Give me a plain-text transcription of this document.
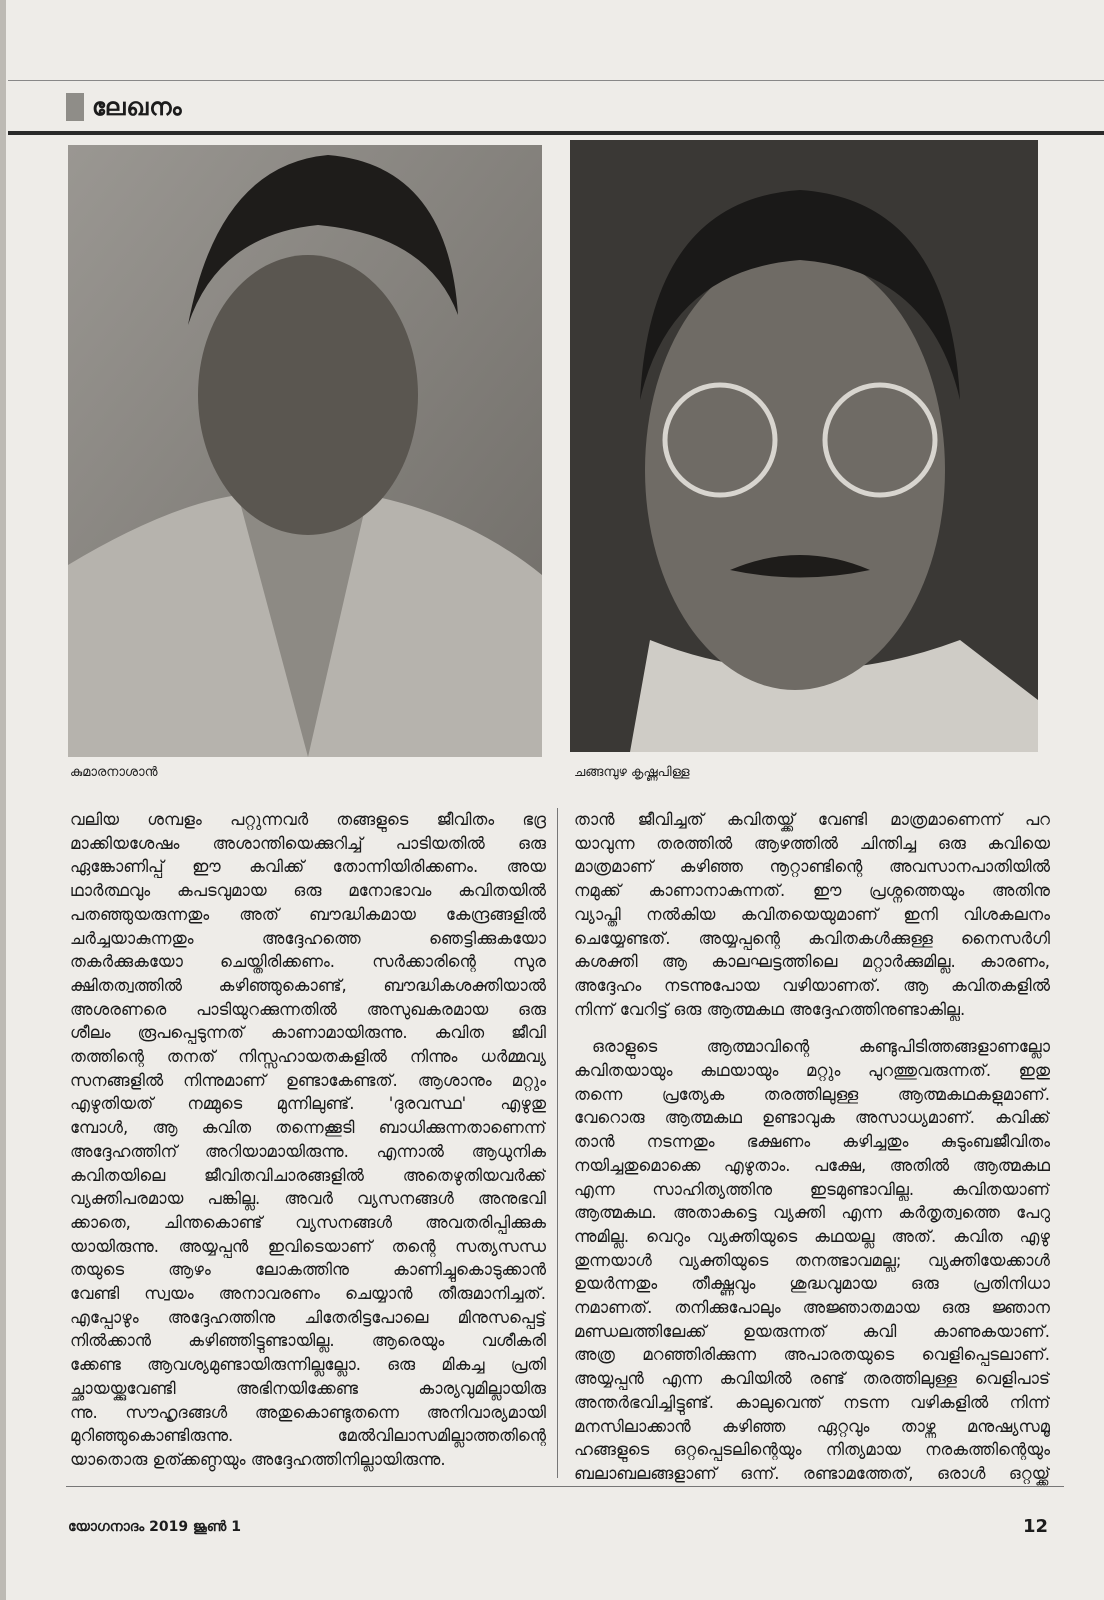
ലേഖനം
കുമാരനാശാൻ	ചങ്ങമ്പുഴ കൃഷ്ണപിള്ള
വലിയ ശമ്പളം പറ്റുന്നവർ തങ്ങളുടെ ജീവിതം ഭദ്ര
മാക്കിയശേഷം അശാന്തിയെക്കുറിച്ച് പാടിയതിൽ ഒരു
ഏങ്കോണിപ്പ് ഈ കവിക്ക് തോന്നിയിരിക്കണം. അയ
ഥാർത്ഥവും കപടവുമായ ഒരു മനോഭാവം കവിതയിൽ
പതഞ്ഞുയരുന്നതും അത് ബൗദ്ധികമായ കേന്ദ്രങ്ങളിൽ
ചർച്ചയാകുന്നതും അദ്ദേഹത്തെ ഞെട്ടിക്കുകയോ
തകർക്കുകയോ ചെയ്തിരിക്കണം. സർക്കാരിന്റെ സുര
ക്ഷിതത്വത്തിൽ കഴിഞ്ഞുകൊണ്ട്, ബൗദ്ധികശക്തിയാൽ
അശരണരെ പാടിയുറക്കുന്നതിൽ അസുഖകരമായ ഒരു
ശീലം രൂപപ്പെടുന്നത് കാണാമായിരുന്നു. കവിത ജീവി
തത്തിന്റെ തനത് നിസ്സഹായതകളിൽ നിന്നും ധർമ്മവ്യ
സനങ്ങളിൽ നിന്നുമാണ് ഉണ്ടാകേണ്ടത്. ആശാനും മറ്റും
എഴുതിയത് നമ്മുടെ മുന്നിലുണ്ട്. 'ദുരവസ്ഥ' എഴുതു
മ്പോൾ, ആ കവിത തന്നെക്കൂടി ബാധിക്കുന്നതാണെന്ന്
അദ്ദേഹത്തിന് അറിയാമായിരുന്നു. എന്നാൽ ആധുനിക
കവിതയിലെ ജീവിതവിചാരങ്ങളിൽ അതെഴുതിയവർക്ക്
വ്യക്തിപരമായ പങ്കില്ല. അവർ വ്യസനങ്ങൾ അനുഭവി
ക്കാതെ, ചിന്തകൊണ്ട് വ്യസനങ്ങൾ അവതരിപ്പിക്കുക
യായിരുന്നു. അയ്യപ്പൻ ഇവിടെയാണ് തന്റെ സത്യസന്ധ
തയുടെ ആഴം ലോകത്തിനു കാണിച്ചുകൊടുക്കാൻ
വേണ്ടി സ്വയം അനാവരണം ചെയ്യാൻ തീരുമാനിച്ചത്.
എപ്പോഴും അദ്ദേഹത്തിനു ചിതേരിട്ടപോലെ മിനുസപ്പെട്ട്
നിൽക്കാൻ കഴിഞ്ഞിട്ടുണ്ടായില്ല. ആരെയും വശീകരി
ക്കേണ്ട ആവശ്യമുണ്ടായിരുന്നില്ലല്ലോ. ഒരു മികച്ച പ്രതി
ച്ഛായയ്ക്കുവേണ്ടി അഭിനയിക്കേണ്ട കാര്യവുമില്ലായിരു
ന്നു. സൗഹൃദങ്ങൾ അതുകൊണ്ടുതന്നെ അനിവാര്യമായി
മുറിഞ്ഞുകൊണ്ടിരുന്നു. മേൽവിലാസമില്ലാത്തതിന്റെ
യാതൊരു ഉത്ക്കണ്ഠയും അദ്ദേഹത്തിനില്ലായിരുന്നു.
താൻ ജീവിച്ചത് കവിതയ്ക്ക് വേണ്ടി മാത്രമാണെന്ന് പറ
യാവുന്ന തരത്തിൽ ആഴത്തിൽ ചിന്തിച്ച ഒരു കവിയെ
മാത്രമാണ് കഴിഞ്ഞ നൂറ്റാണ്ടിന്റെ അവസാനപാതിയിൽ
നമുക്ക് കാണാനാകുന്നത്. ഈ പ്രശ്നത്തെയും അതിനു
വ്യാപ്തി നൽകിയ കവിതയെയുമാണ് ഇനി വിശകലനം
ചെയ്യേണ്ടത്. അയ്യപ്പന്റെ കവിതകൾക്കുള്ള നൈസർഗി
കശക്തി ആ കാലഘട്ടത്തിലെ മറ്റാർക്കുമില്ല. കാരണം,
അദ്ദേഹം നടന്നുപോയ വഴിയാണത്. ആ കവിതകളിൽ
നിന്ന് വേറിട്ട് ഒരു ആത്മകഥ അദ്ദേഹത്തിനുണ്ടാകില്ല.
ഒരാളുടെ ആത്മാവിന്റെ കണ്ടുപിടിത്തങ്ങളാണല്ലോ
കവിതയായും കഥയായും മറ്റും പുറത്തുവരുന്നത്. ഇതു
തന്നെ പ്രത്യേക തരത്തിലുള്ള ആത്മകഥകളുമാണ്.
വേറൊരു ആത്മകഥ ഉണ്ടാവുക അസാധ്യമാണ്. കവിക്ക്
താൻ നടന്നതും ഭക്ഷണം കഴിച്ചതും കുടുംബജീവിതം
നയിച്ചതുമൊക്കെ എഴുതാം. പക്ഷേ, അതിൽ ആത്മകഥ
എന്ന സാഹിത്യത്തിനു ഇടമുണ്ടാവില്ല. കവിതയാണ്
ആത്മകഥ. അതാകട്ടെ വ്യക്തി എന്ന കർതൃത്വത്തെ പേറു
ന്നുമില്ല. വെറും വ്യക്തിയുടെ കഥയല്ല അത്. കവിത എഴു
തുന്നയാൾ വ്യക്തിയുടെ തനത്ഭാവമല്ല; വ്യക്തിയേക്കാൾ
ഉയർന്നതും തീക്ഷ്ണവും ശുദ്ധവുമായ ഒരു പ്രതിനിധാ
നമാണത്. തനിക്കുപോലും അജ്ഞാതമായ ഒരു ജ്ഞാന
മണ്ഡലത്തിലേക്ക് ഉയരുന്നത് കവി കാണുകയാണ്.
അത്ര മറഞ്ഞിരിക്കുന്ന അപാരതയുടെ വെളിപ്പെടലാണ്.
അയ്യപ്പൻ എന്ന കവിയിൽ രണ്ട് തരത്തിലുള്ള വെളിപാട്
അന്തർഭവിച്ചിട്ടുണ്ട്. കാലുവെന്ത് നടന്ന വഴികളിൽ നിന്ന്
മനസിലാക്കാൻ കഴിഞ്ഞ ഏറ്റവും താഴ്ന്ന മനുഷ്യസമൂ
ഹങ്ങളുടെ ഒറ്റപ്പെടലിന്റെയും നിത്യമായ നരകത്തിന്റെയും
ബലാബലങ്ങളാണ് ഒന്ന്. രണ്ടാമത്തേത്, ഒരാൾ ഒറ്റയ്ക്ക്
യോഗനാദം 2019 ജൂൺ 1	12
